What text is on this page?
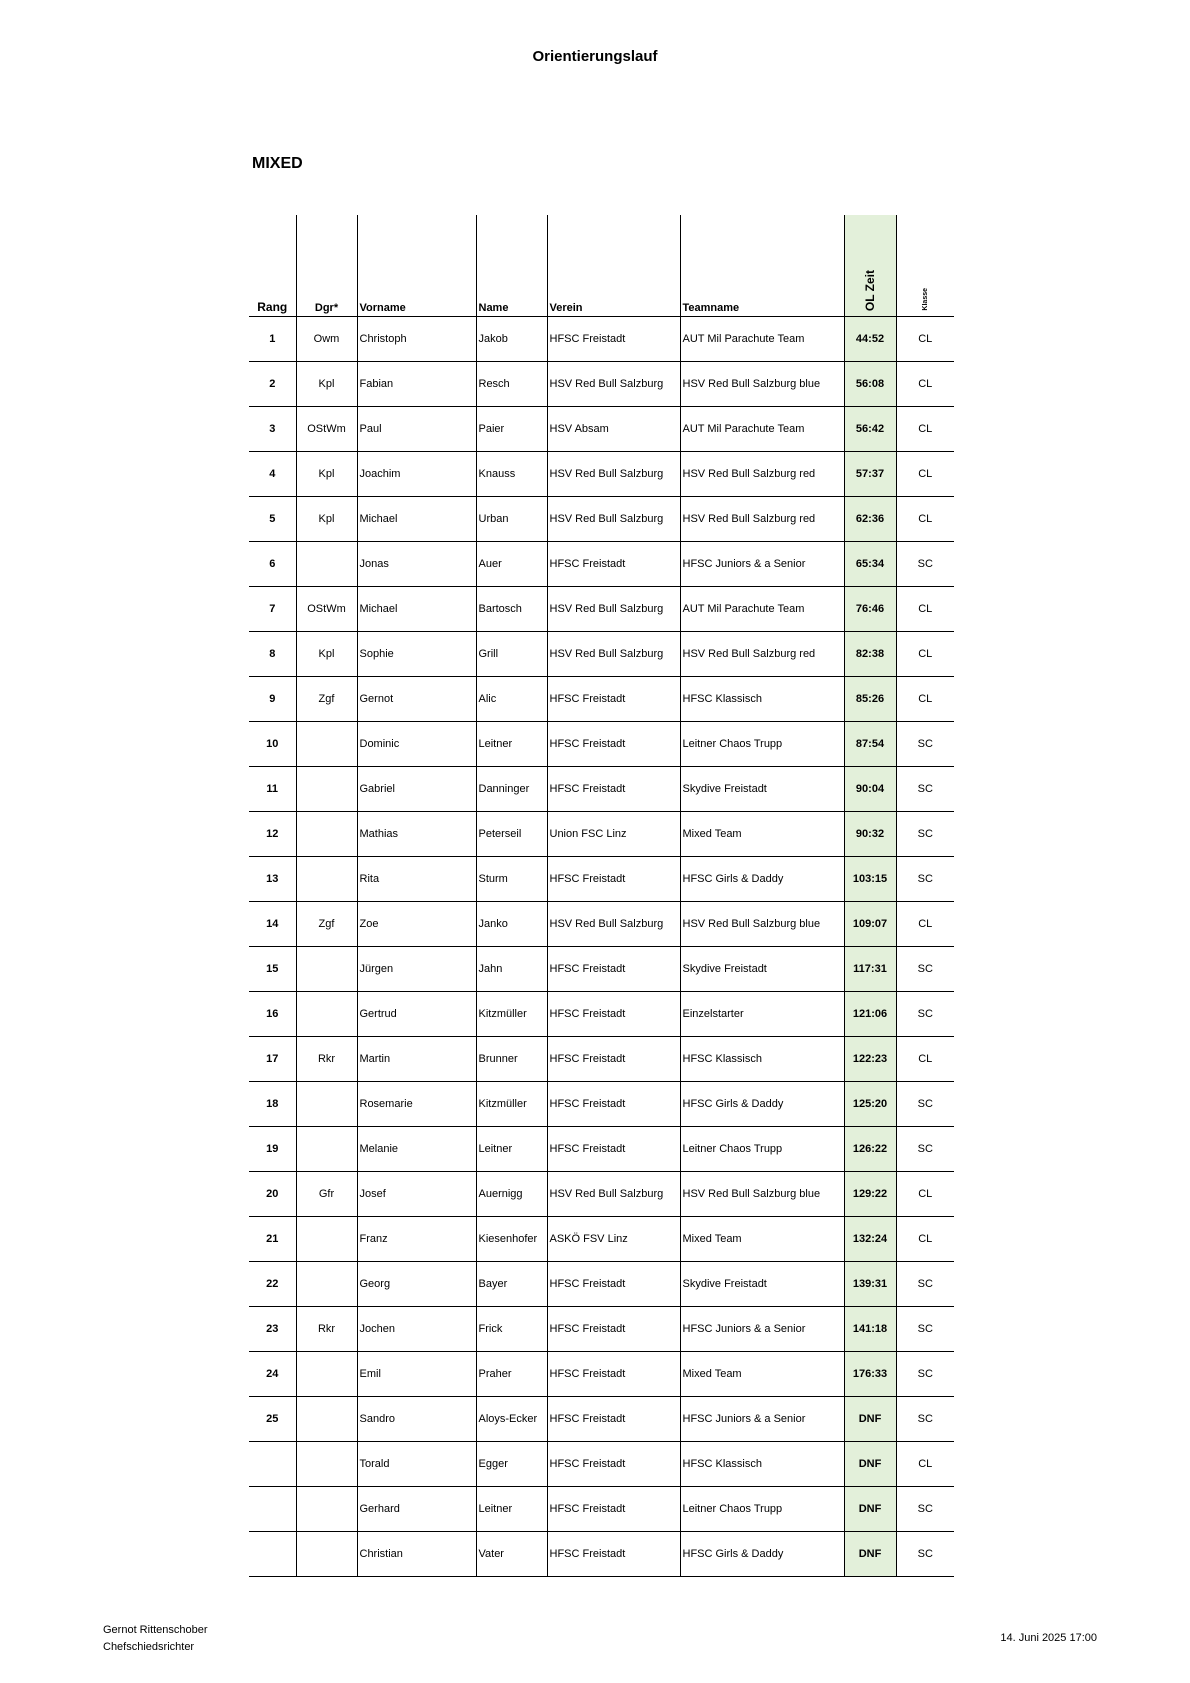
Orientierungslauf
MIXED
Rang	Dgr*	Vorname	Name	Verein	Teamname	OL Zeit	Klasse
1	Owm	Christoph	Jakob	HFSC Freistadt	AUT Mil Parachute Team	44:52	CL
2	Kpl	Fabian	Resch	HSV Red Bull Salzburg	HSV Red Bull Salzburg blue	56:08	CL
3	OStWm	Paul	Paier	HSV Absam	AUT Mil Parachute Team	56:42	CL
4	Kpl	Joachim	Knauss	HSV Red Bull Salzburg	HSV Red Bull Salzburg red	57:37	CL
5	Kpl	Michael	Urban	HSV Red Bull Salzburg	HSV Red Bull Salzburg red	62:36	CL
6		Jonas	Auer	HFSC Freistadt	HFSC Juniors & a Senior	65:34	SC
7	OStWm	Michael	Bartosch	HSV Red Bull Salzburg	AUT Mil Parachute Team	76:46	CL
8	Kpl	Sophie	Grill	HSV Red Bull Salzburg	HSV Red Bull Salzburg red	82:38	CL
9	Zgf	Gernot	Alic	HFSC Freistadt	HFSC Klassisch	85:26	CL
10		Dominic	Leitner	HFSC Freistadt	Leitner Chaos Trupp	87:54	SC
11		Gabriel	Danninger	HFSC Freistadt	Skydive Freistadt	90:04	SC
12		Mathias	Peterseil	Union FSC Linz	Mixed Team	90:32	SC
13		Rita	Sturm	HFSC Freistadt	HFSC Girls & Daddy	103:15	SC
14	Zgf	Zoe	Janko	HSV Red Bull Salzburg	HSV Red Bull Salzburg blue	109:07	CL
15		Jürgen	Jahn	HFSC Freistadt	Skydive Freistadt	117:31	SC
16		Gertrud	Kitzmüller	HFSC Freistadt	Einzelstarter	121:06	SC
17	Rkr	Martin	Brunner	HFSC Freistadt	HFSC Klassisch	122:23	CL
18		Rosemarie	Kitzmüller	HFSC Freistadt	HFSC Girls & Daddy	125:20	SC
19		Melanie	Leitner	HFSC Freistadt	Leitner Chaos Trupp	126:22	SC
20	Gfr	Josef	Auernigg	HSV Red Bull Salzburg	HSV Red Bull Salzburg blue	129:22	CL
21		Franz	Kiesenhofer	ASKÖ FSV Linz	Mixed Team	132:24	CL
22		Georg	Bayer	HFSC Freistadt	Skydive Freistadt	139:31	SC
23	Rkr	Jochen	Frick	HFSC Freistadt	HFSC Juniors & a Senior	141:18	SC
24		Emil	Praher	HFSC Freistadt	Mixed Team	176:33	SC
25		Sandro	Aloys-Ecker	HFSC Freistadt	HFSC Juniors & a Senior	DNF	SC
		Torald	Egger	HFSC Freistadt	HFSC Klassisch	DNF	CL
		Gerhard	Leitner	HFSC Freistadt	Leitner Chaos Trupp	DNF	SC
		Christian	Vater	HFSC Freistadt	HFSC Girls & Daddy	DNF	SC
Gernot Rittenschober
Chefschiedsrichter
14. Juni 2025 17:00
